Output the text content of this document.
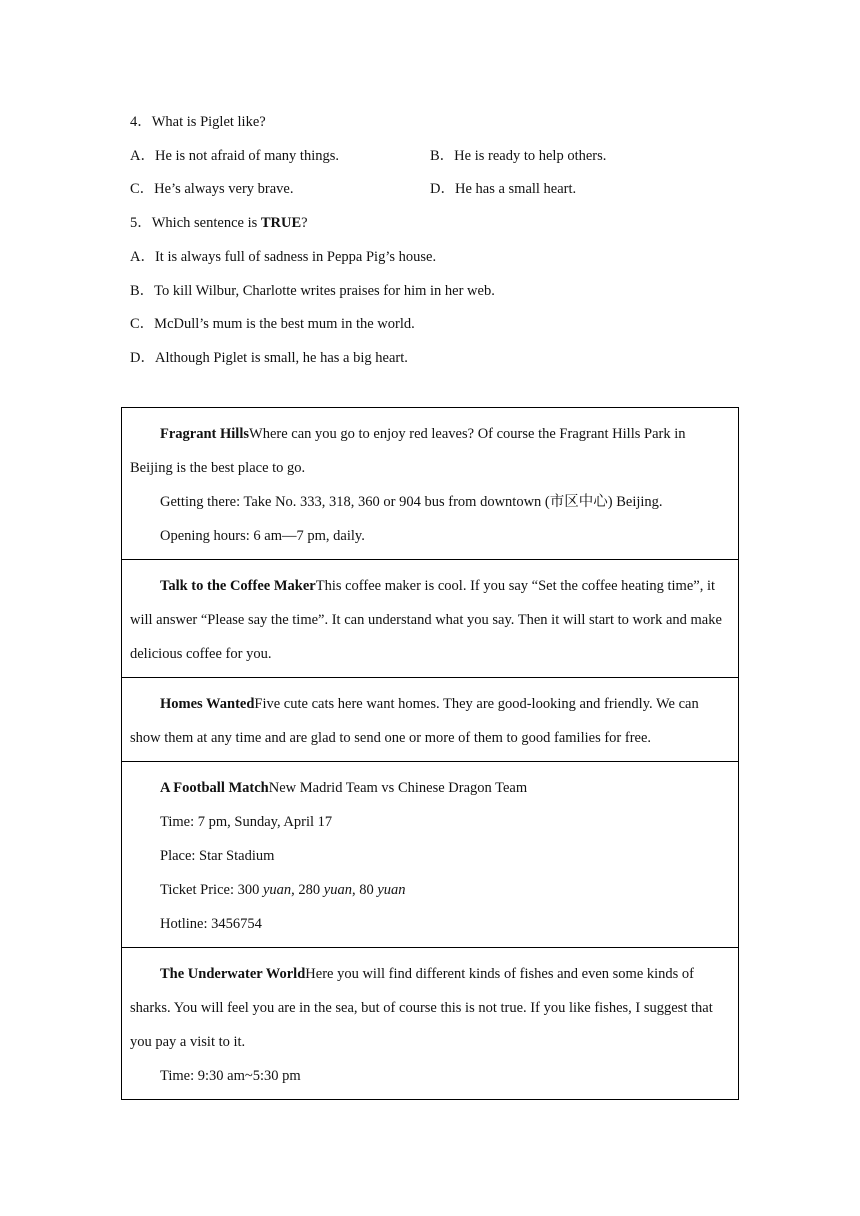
4．What is Piglet like?
A．He is not afraid of many things.	B．He is ready to help others.
C．He’s always very brave.	D．He has a small heart.
5．Which sentence is TRUE?
A．It is always full of sadness in Peppa Pig’s house.
B．To kill Wilbur, Charlotte writes praises for him in her web.
C．McDull’s mum is the best mum in the world.
D．Although Piglet is small, he has a big heart.

Fragrant HillsWhere can you go to enjoy red leaves? Of course the Fragrant Hills Park in Beijing is the best place to go.

Getting there: Take No. 333, 318, 360 or 904 bus from downtown (市区中心) Beijing.

Opening hours: 6 am—7 pm, daily.

Talk to the Coffee MakerThis coffee maker is cool. If you say “Set the coffee heating time”, it will answer “Please say the time”. It can understand what you say. Then it will start to work and make delicious coffee for you.

Homes WantedFive cute cats here want homes. They are good-looking and friendly. We can show them at any time and are glad to send one or more of them to good families for free.

A Football MatchNew Madrid Team vs Chinese Dragon Team

Time: 7 pm, Sunday, April 17

Place: Star Stadium

Ticket Price: 300 yuan, 280 yuan, 80 yuan

Hotline: 3456754

The Underwater WorldHere you will find different kinds of fishes and even some kinds of sharks. You will feel you are in the sea, but of course this is not true. If you like fishes, I suggest that you pay a visit to it.

Time: 9:30 am~5:30 pm
